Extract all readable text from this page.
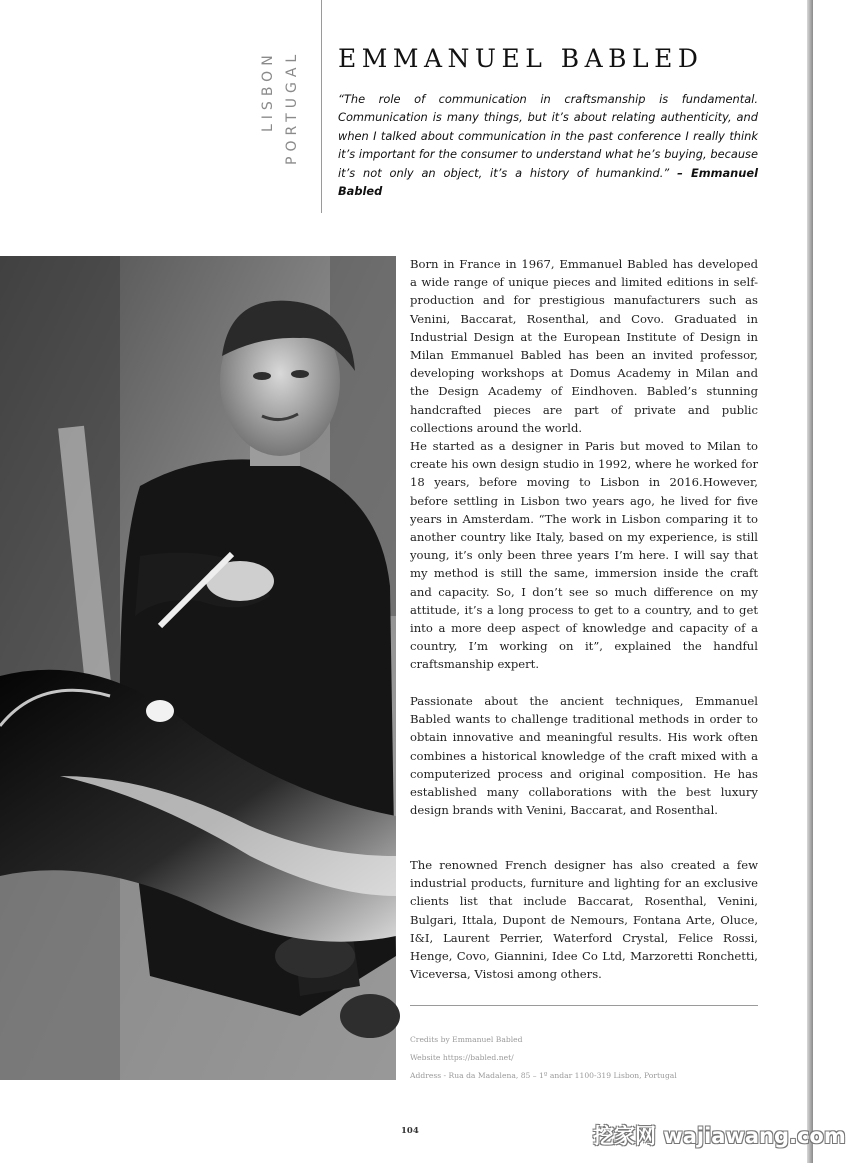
LISBON PORTUGAL EMMANUEL BABLED

“The role of communication in craftsmanship is fundamental. Communication is many things, but it’s about relating authenticity, and when I talked about communication in the past conference I really think it’s important for the consumer to understand what he’s buying, because it’s not only an object, it’s a history of humankind.” – Emmanuel Babled

Born in France in 1967, Emmanuel Babled has developed a wide range of unique pieces and limited editions in self-production and for prestigious manufacturers such as Venini, Baccarat, Rosenthal, and Covo. Graduated in Industrial Design at the European Institute of Design in Milan Emmanuel Babled has been an invited professor, developing workshops at Domus Academy in Milan and the Design Academy of Eindhoven. Babled’s stunning handcrafted pieces are part of private and public collections around the world.

He started as a designer in Paris but moved to Milan to create his own design studio in 1992, where he worked for 18 years, before moving to Lisbon in 2016.However, before settling in Lisbon two years ago, he lived for five years in Amsterdam. “The work in Lisbon comparing it to another country like Italy, based on my experience, is still young, it’s only been three years I’m here. I will say that my method is still the same, immersion inside the craft and capacity. So, I don’t see so much difference on my attitude, it’s a long process to get to a country, and to get into a more deep aspect of knowledge and capacity of a country, I’m working on it”, explained the handful craftsmanship expert.

Passionate about the ancient techniques, Emmanuel Babled wants to challenge traditional methods in order to obtain innovative and meaningful results. His work often combines a historical knowledge of the craft mixed with a computerized process and original composition. He has established many collaborations with the best luxury design brands with Venini, Baccarat, and Rosenthal.

The renowned French designer has also created a few industrial products, furniture and lighting for an exclusive clients list that include Baccarat, Rosenthal, Venini, Bulgari, Ittala, Dupont de Nemours, Fontana Arte, Oluce, I&I, Laurent Perrier, Waterford Crystal, Felice Rossi, Henge, Covo, Giannini, Idee Co Ltd, Marzoretti Ronchetti, Viceversa, Vistosi among others.

Credits by Emmanuel Babled
Website https://babled.net/
Address - Rua da Madalena, 85 – 1º andar 1100-319 Lisbon, Portugal
104	挖家网 wajiawang.com
